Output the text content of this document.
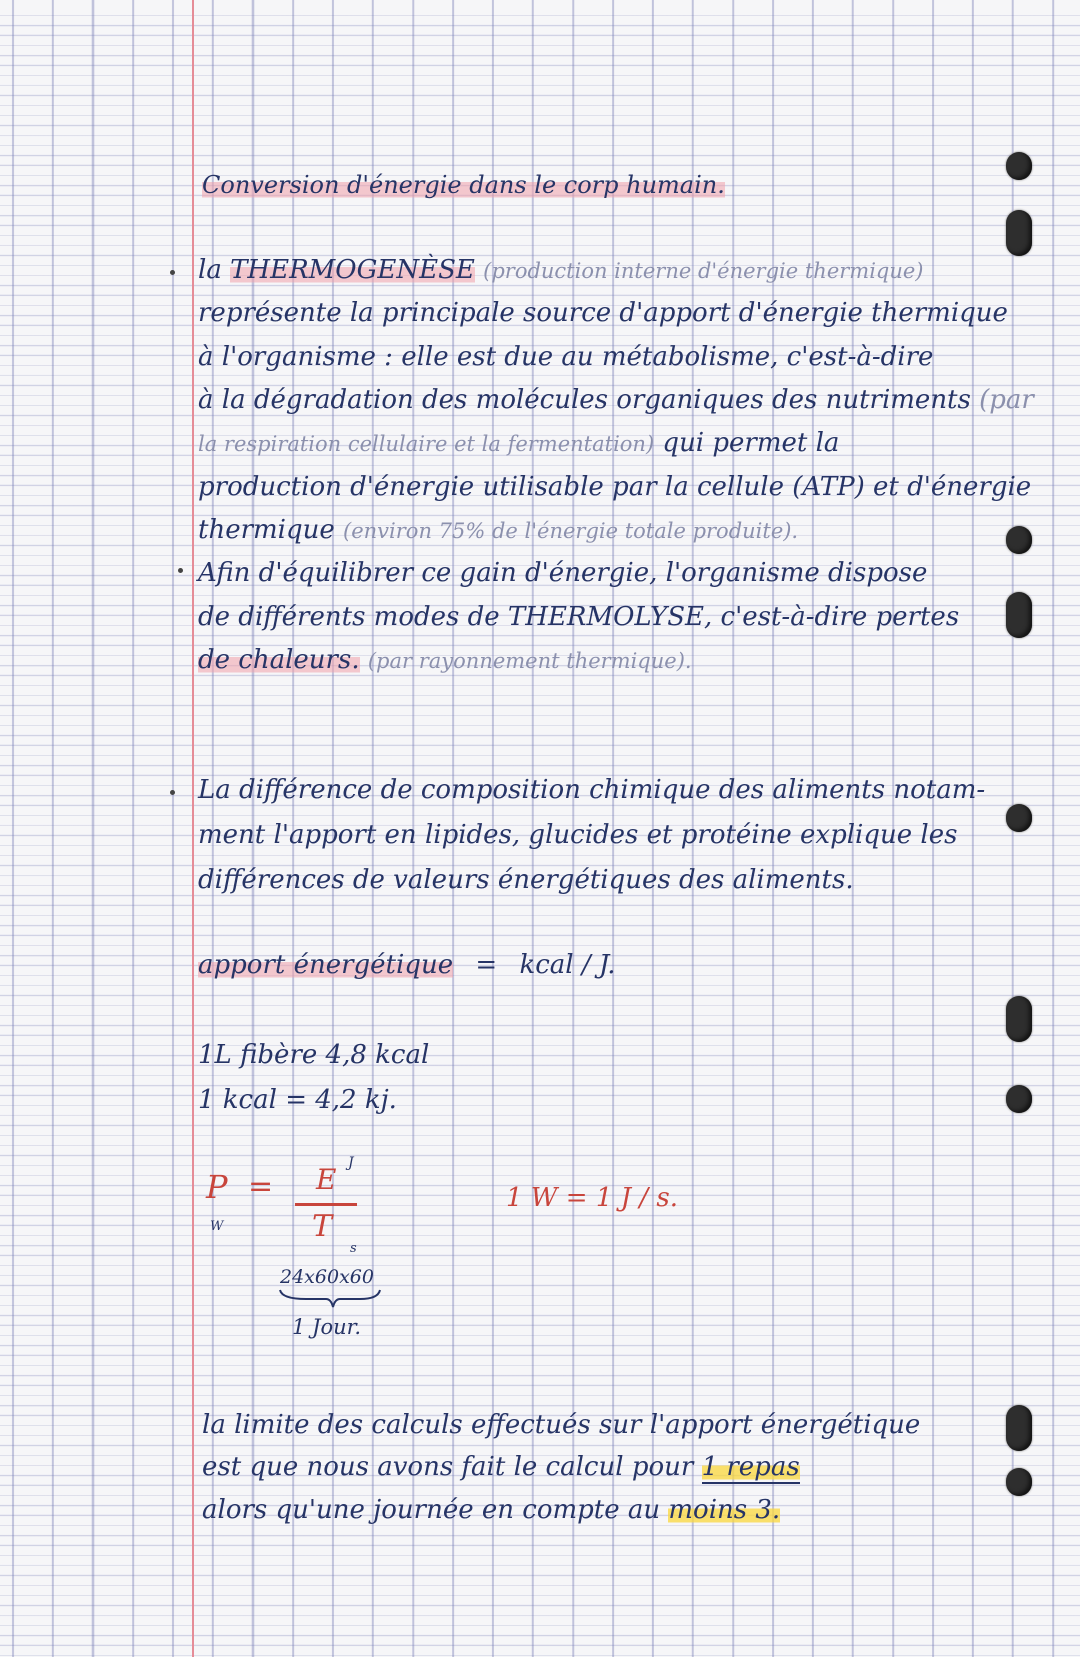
Conversion d'énergie dans le corp humain.
la THERMOGENÈSE (production interne d'énergie thermique)
représente la principale source d'apport d'énergie thermique
à l'organisme : elle est due au métabolisme, c'est-à-dire
à la dégradation des molécules organiques des nutriments (par
la respiration cellulaire et la fermentation) qui permet la
production d'énergie utilisable par la cellule (ATP) et d'énergie
thermique (environ 75% de l'énergie totale produite).
Afin d'équilibrer ce gain d'énergie, l'organisme dispose
de différents modes de THERMOLYSE, c'est-à-dire pertes
de chaleurs. (par rayonnement thermique).
La différence de composition chimique des aliments notam-
ment l'apport en lipides, glucides et protéine explique les
différences de valeurs énergétiques des aliments.
apport énergétique = kcal / J.
1L fibère 4,8 kcal
1 kcal = 4,2 kj.
P
W
= E J
T
s
24x60x60
1 Jour.
1 W = 1 J / s.
la limite des calculs effectués sur l'apport énergétique
est que nous avons fait le calcul pour 1 repas
alors qu'une journée en compte au moins 3.
